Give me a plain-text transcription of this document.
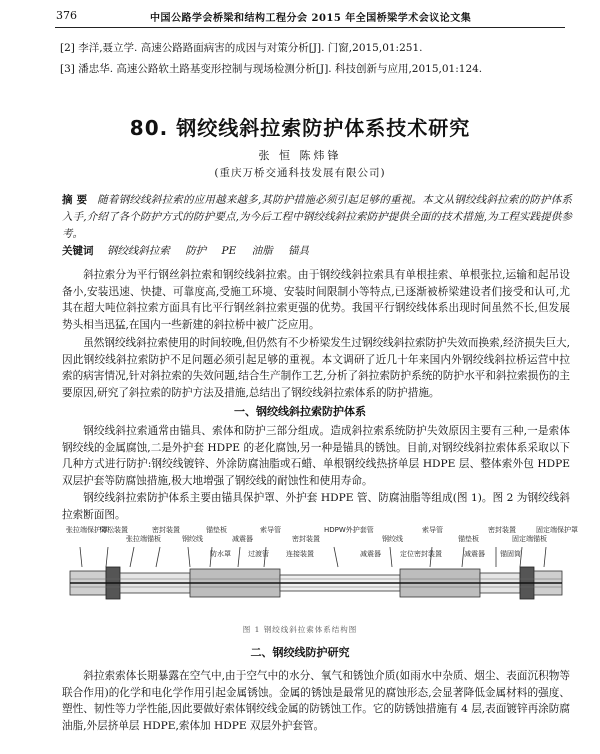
376	中国公路学会桥梁和结构工程分会 2015 年全国桥梁学术会议论文集
[2] 李洋,聂立学. 高速公路路面病害的成因与对策分析[J]. 门窗,2015,01:251.
[3] 潘忠华. 高速公路软土路基变形控制与现场检测分析[J]. 科技创新与应用,2015,01:124.
80. 钢绞线斜拉索防护体系技术研究
张 恒 陈炜锋
(重庆万桥交通科技发展有限公司)
摘 要 随着钢绞线斜拉索的应用越来越多,其防护措施必须引起足够的重视。本文从钢绞线斜拉索的防护体系入手,介绍了各个防护方式的防护要点,为今后工程中钢绞线斜拉索防护提供全面的技术措施,为工程实践提供参考。
关键词 钢绞线斜拉索 防护 PE 油脂 锚具
斜拉索分为平行钢丝斜拉索和钢绞线斜拉索。由于钢绞线斜拉索具有单根挂索、单根张拉,运输和起吊设备小,安装迅速、快捷、可靠度高,受施工环境、安装时间限制小等特点,已逐渐被桥梁建设者们接受和认可,尤其在超大吨位斜拉索方面具有比平行钢丝斜拉索更强的优势。我国平行钢绞线体系出现时间虽然不长,但发展势头相当迅猛,在国内一些新建的斜拉桥中被广泛应用。
虽然钢绞线斜拉索使用的时间较晚,但仍然有不少桥梁发生过钢绞线斜拉索防护失效而换索,经济损失巨大,因此钢绞线斜拉索防护不足问题必须引起足够的重视。本文调研了近几十年来国内外钢绞线斜拉桥运营中拉索的病害情况,针对斜拉索的失效问题,结合生产制作工艺,分析了斜拉索防护系统的防护水平和斜拉索损伤的主要原因,研究了斜拉索的防护方法及措施,总结出了钢绞线斜拉索体系的防护措施。
一、钢绞线斜拉索防护体系
钢绞线斜拉索通常由锚具、索体和防护三部分组成。造成斜拉索系统防护失效原因主要有三种,一是索体钢绞线的金属腐蚀,二是外护套 HDPE 的老化腐蚀,另一种是锚具的锈蚀。目前,对钢绞线斜拉索体系采取以下几种方式进行防护:钢绞线镀锌、外涂防腐油脂或石蜡、单根钢绞线热挤单层 HDPE 层、整体索外包 HDPE 双层护套等防腐蚀措施,极大地增强了钢绞线的耐蚀性和使用寿命。
钢绞线斜拉索防护体系主要由锚具保护罩、外护套 HDPE 管、防腐油脂等组成(图 1)。图 2 为钢绞线斜拉索断面图。
张拉端保护罩
防松装置
张拉端锚板
密封装置
钢绞线
锚垫板
减震器
索导管
密封装置
HDPW外护套管
钢绞线
索导管
锚垫板
密封装置
固定端锚板
固定端保护罩
防水罩 过渡管 连接装置	减震器	定位密封装置	减震器 锚固筒
图 1 钢绞线斜拉索体系结构图
二、钢绞线防护研究
斜拉索索体长期暴露在空气中,由于空气中的水分、氧气和锈蚀介质(如雨水中杂质、烟尘、表面沉积物等联合作用)的化学和电化学作用引起金属锈蚀。金属的锈蚀是最常见的腐蚀形态,会显著降低金属材料的强度、塑性、韧性等力学性能,因此要做好索体钢绞线金属的防锈蚀工作。它的防锈蚀措施有 4 层,表面镀锌再涂防腐油脂,外层挤单层 HDPE,索体加 HDPE 双层外护套管。
